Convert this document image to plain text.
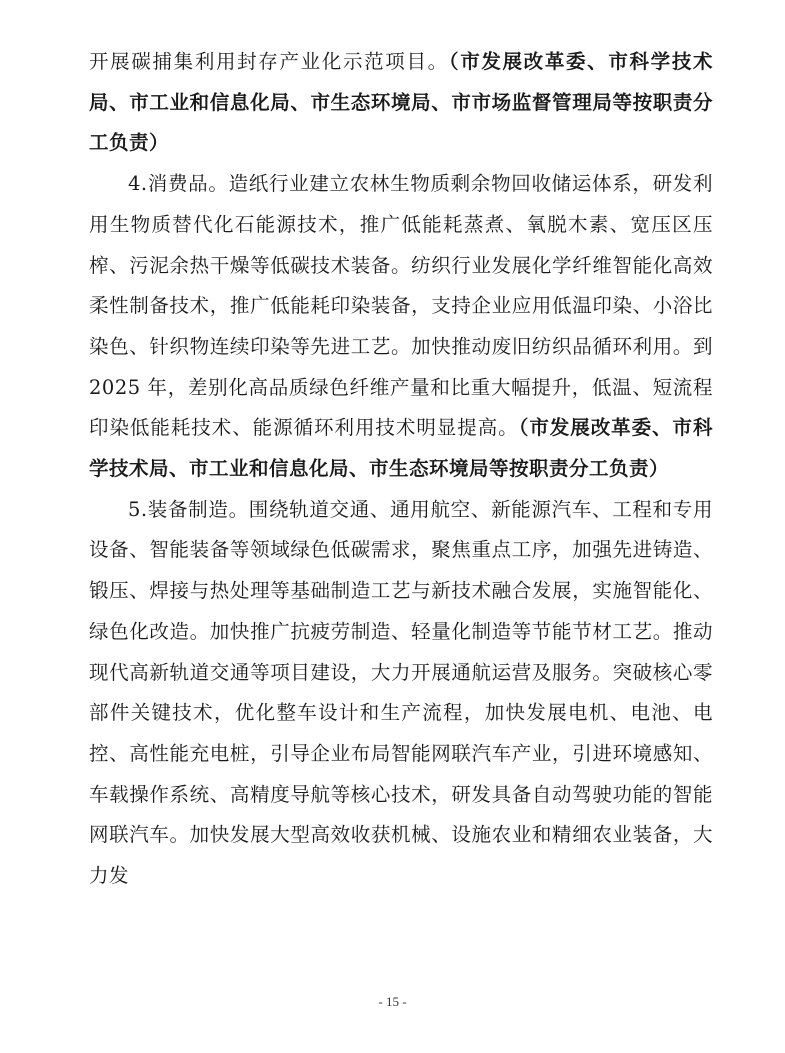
开展碳捕集利用封存产业化示范项目。（市发展改革委、市科学技术局、市工业和信息化局、市生态环境局、市市场监督管理局等按职责分工负责）

4.消费品。造纸行业建立农林生物质剩余物回收储运体系，研发利用生物质替代化石能源技术，推广低能耗蒸煮、氧脱木素、宽压区压榨、污泥余热干燥等低碳技术装备。纺织行业发展化学纤维智能化高效柔性制备技术，推广低能耗印染装备，支持企业应用低温印染、小浴比染色、针织物连续印染等先进工艺。加快推动废旧纺织品循环利用。到 2025 年，差别化高品质绿色纤维产量和比重大幅提升，低温、短流程印染低能耗技术、能源循环利用技术明显提高。（市发展改革委、市科学技术局、市工业和信息化局、市生态环境局等按职责分工负责）

5.装备制造。围绕轨道交通、通用航空、新能源汽车、工程和专用设备、智能装备等领域绿色低碳需求，聚焦重点工序，加强先进铸造、锻压、焊接与热处理等基础制造工艺与新技术融合发展，实施智能化、绿色化改造。加快推广抗疲劳制造、轻量化制造等节能节材工艺。推动现代高新轨道交通等项目建设，大力开展通航运营及服务。突破核心零部件关键技术，优化整车设计和生产流程，加快发展电机、电池、电控、高性能充电桩，引导企业布局智能网联汽车产业，引进环境感知、车载操作系统、高精度导航等核心技术，研发具备自动驾驶功能的智能网联汽车。加快发展大型高效收获机械、设施农业和精细农业装备，大力发

- 15 -
